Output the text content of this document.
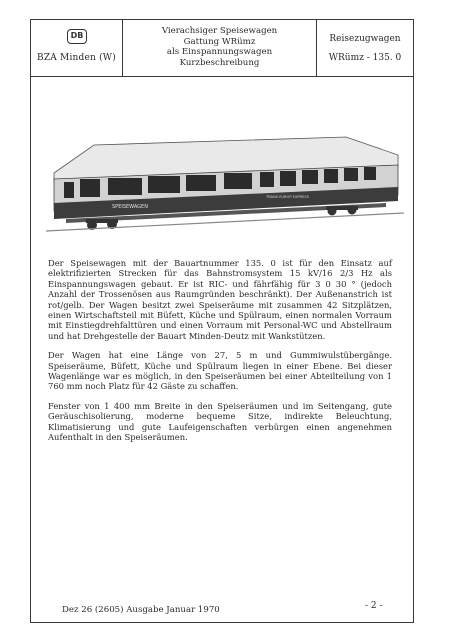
DB
BZA Minden (W)
Vierachsiger Speisewagen
Gattung WRümz
als Einspannungswagen
Kurzbeschreibung
Reisezugwagen
WRümz - 135. 0
SPEISEWAGEN
TRANS EUROP EXPRESS

Der Speisewagen mit der Bauartnummer 135. 0 ist für den Einsatz auf elektrifizierten Strecken für das Bahnstromsystem 15 kV/16 2/3 Hz als Einspannungswagen gebaut. Er ist RIC- und fährfähig für 3 0 30 ° (jedoch Anzahl der Trossenösen aus Raumgründen beschränkt). Der Außenanstrich ist rot/gelb. Der Wagen besitzt zwei Speiseräume mit zusammen 42 Sitzplätzen, einen Wirtschaftsteil mit Büfett, Küche und Spülraum, einen normalen Vorraum mit Einstiegdrehfalttüren und einen Vorraum mit Personal-WC und Abstellraum und hat Drehgestelle der Bauart Minden-Deutz mit Wankstützen.

Der Wagen hat eine Länge von 27, 5 m und Gummiwulstübergänge. Speiseräume, Büfett, Küche und Spülraum liegen in einer Ebene. Bei dieser Wagenlänge war es möglich, in den Speiseräumen bei einer Abteilteilung von 1 760 mm noch Platz für 42 Gäste zu schaffen.

Fenster von 1 400 mm Breite in den Speiseräumen und im Seitengang, gute Geräuschisolierung, moderne bequeme Sitze, indirekte Beleuchtung, Klimatisierung und gute Laufeigenschaften verbürgen einen angenehmen Aufenthalt in den Speiseräumen.

Dez 26 (2605) Ausgabe Januar 1970	- 2 -
